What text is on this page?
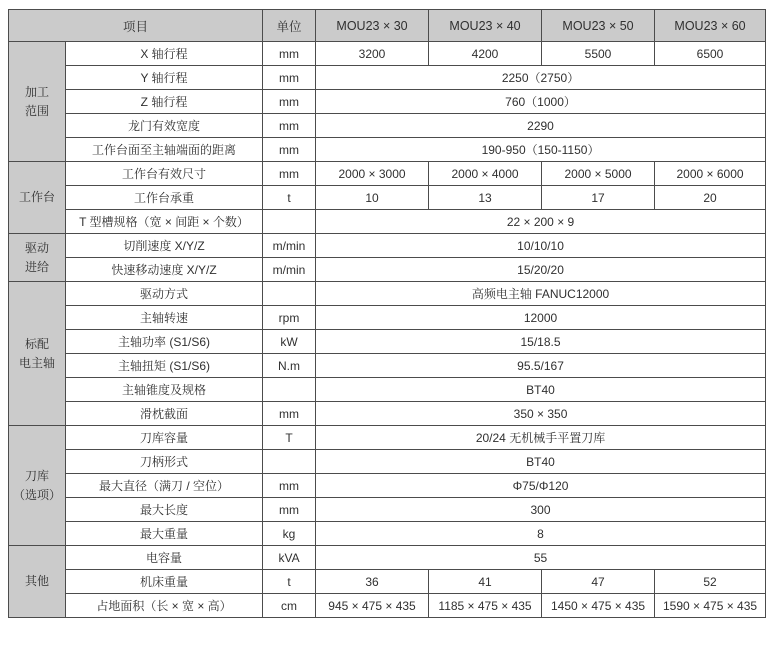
项目		单位	MOU23 × 30	MOU23 × 40	MOU23 × 50	MOU23 × 60
加工
范围	X 轴行程	mm	3200	4200	5500	6500
	Y 轴行程	mm	2250（2750）			
	Z 轴行程	mm	760（1000）			
	龙门有效宽度	mm	2290			
	工作台面至主轴端面的距离	mm	190-950（150-1150）			
工作台	工作台有效尺寸	mm	2000 × 3000	2000 × 4000	2000 × 5000	2000 × 6000
	工作台承重	t	10	13	17	20
	T 型槽规格（宽 × 间距 × 个数）		22 × 200 × 9			
驱动
进给	切削速度 X/Y/Z	m/min	10/10/10			
	快速移动速度 X/Y/Z	m/min	15/20/20			
标配
电主轴	驱动方式		高频电主轴 FANUC12000			
	主轴转速	rpm	12000			
	主轴功率 (S1/S6)	kW	15/18.5			
	主轴扭矩 (S1/S6)	N.m	95.5/167			
	主轴锥度及规格		BT40			
	滑枕截面	mm	350 × 350			
刀库
（选项）	刀库容量	T	20/24 无机械手平置刀库			
	刀柄形式		BT40			
	最大直径（满刀 / 空位）	mm	Φ75/Φ120			
	最大长度	mm	300			
	最大重量	kg	8			
其他	电容量	kVA	55			
	机床重量	t	36	41	47	52
	占地面积（长 × 宽 × 高）	cm	945 × 475 × 435	1185 × 475 × 435	1450 × 475 × 435	1590 × 475 × 435
